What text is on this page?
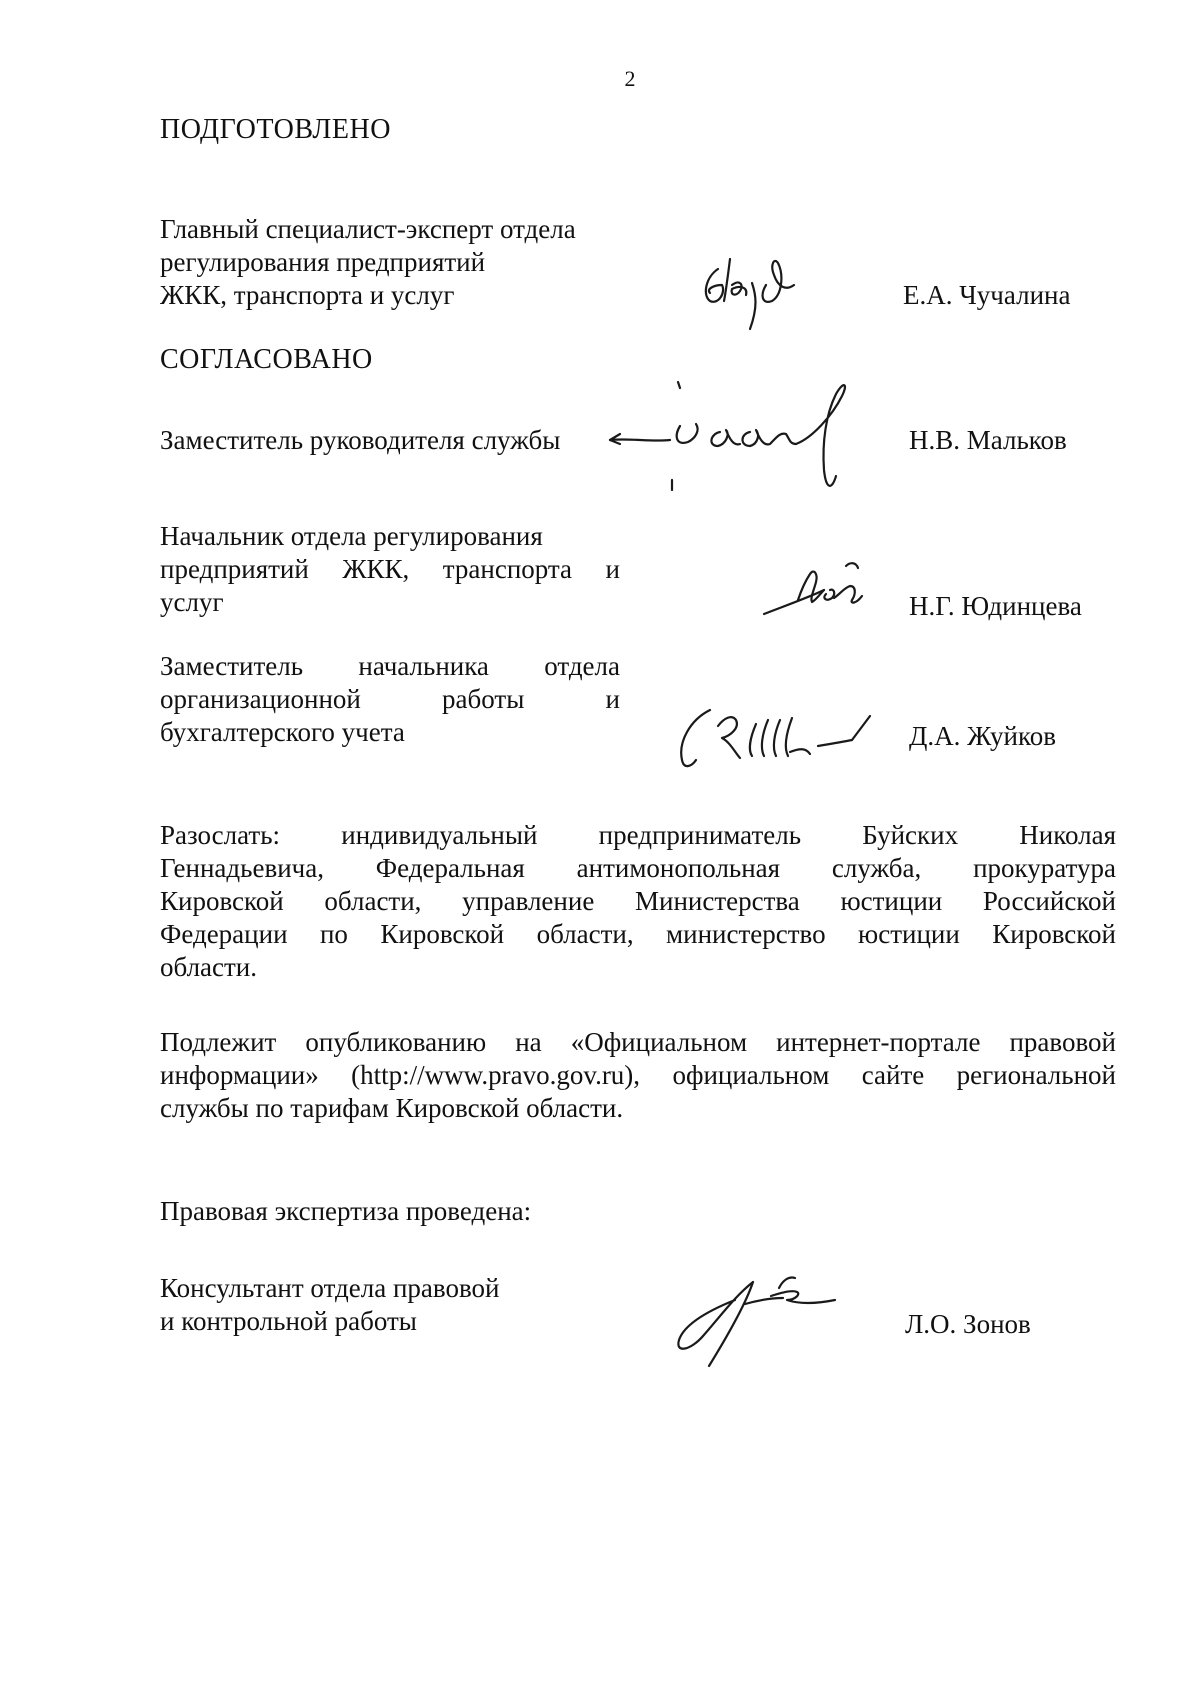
2
ПОДГОТОВЛЕНО
Главный специалист-эксперт отдела
регулирования предприятий
ЖКК, транспорта и услуг	Е.А. Чучалина
СОГЛАСОВАНО
Заместитель руководителя службы	Н.В. Мальков
Начальник отдела регулирования
предприятий ЖКК, транспорта и
услуг	Н.Г. Юдинцева
Заместитель начальника отдела
организационной работы и
бухгалтерского учета	Д.А. Жуйков
Разослать: индивидуальный предприниматель Буйских Николая
Геннадьевича, Федеральная антимонопольная служба, прокуратура
Кировской области, управление Министерства юстиции Российской
Федерации по Кировской области, министерство юстиции Кировской
области.
Подлежит опубликованию на «Официальном интернет-портале правовой
информации» (http://www.pravo.gov.ru), официальном сайте региональной
службы по тарифам Кировской области.
Правовая экспертиза проведена:
Консультант отдела правовой
и контрольной работы	Л.О. Зонов
